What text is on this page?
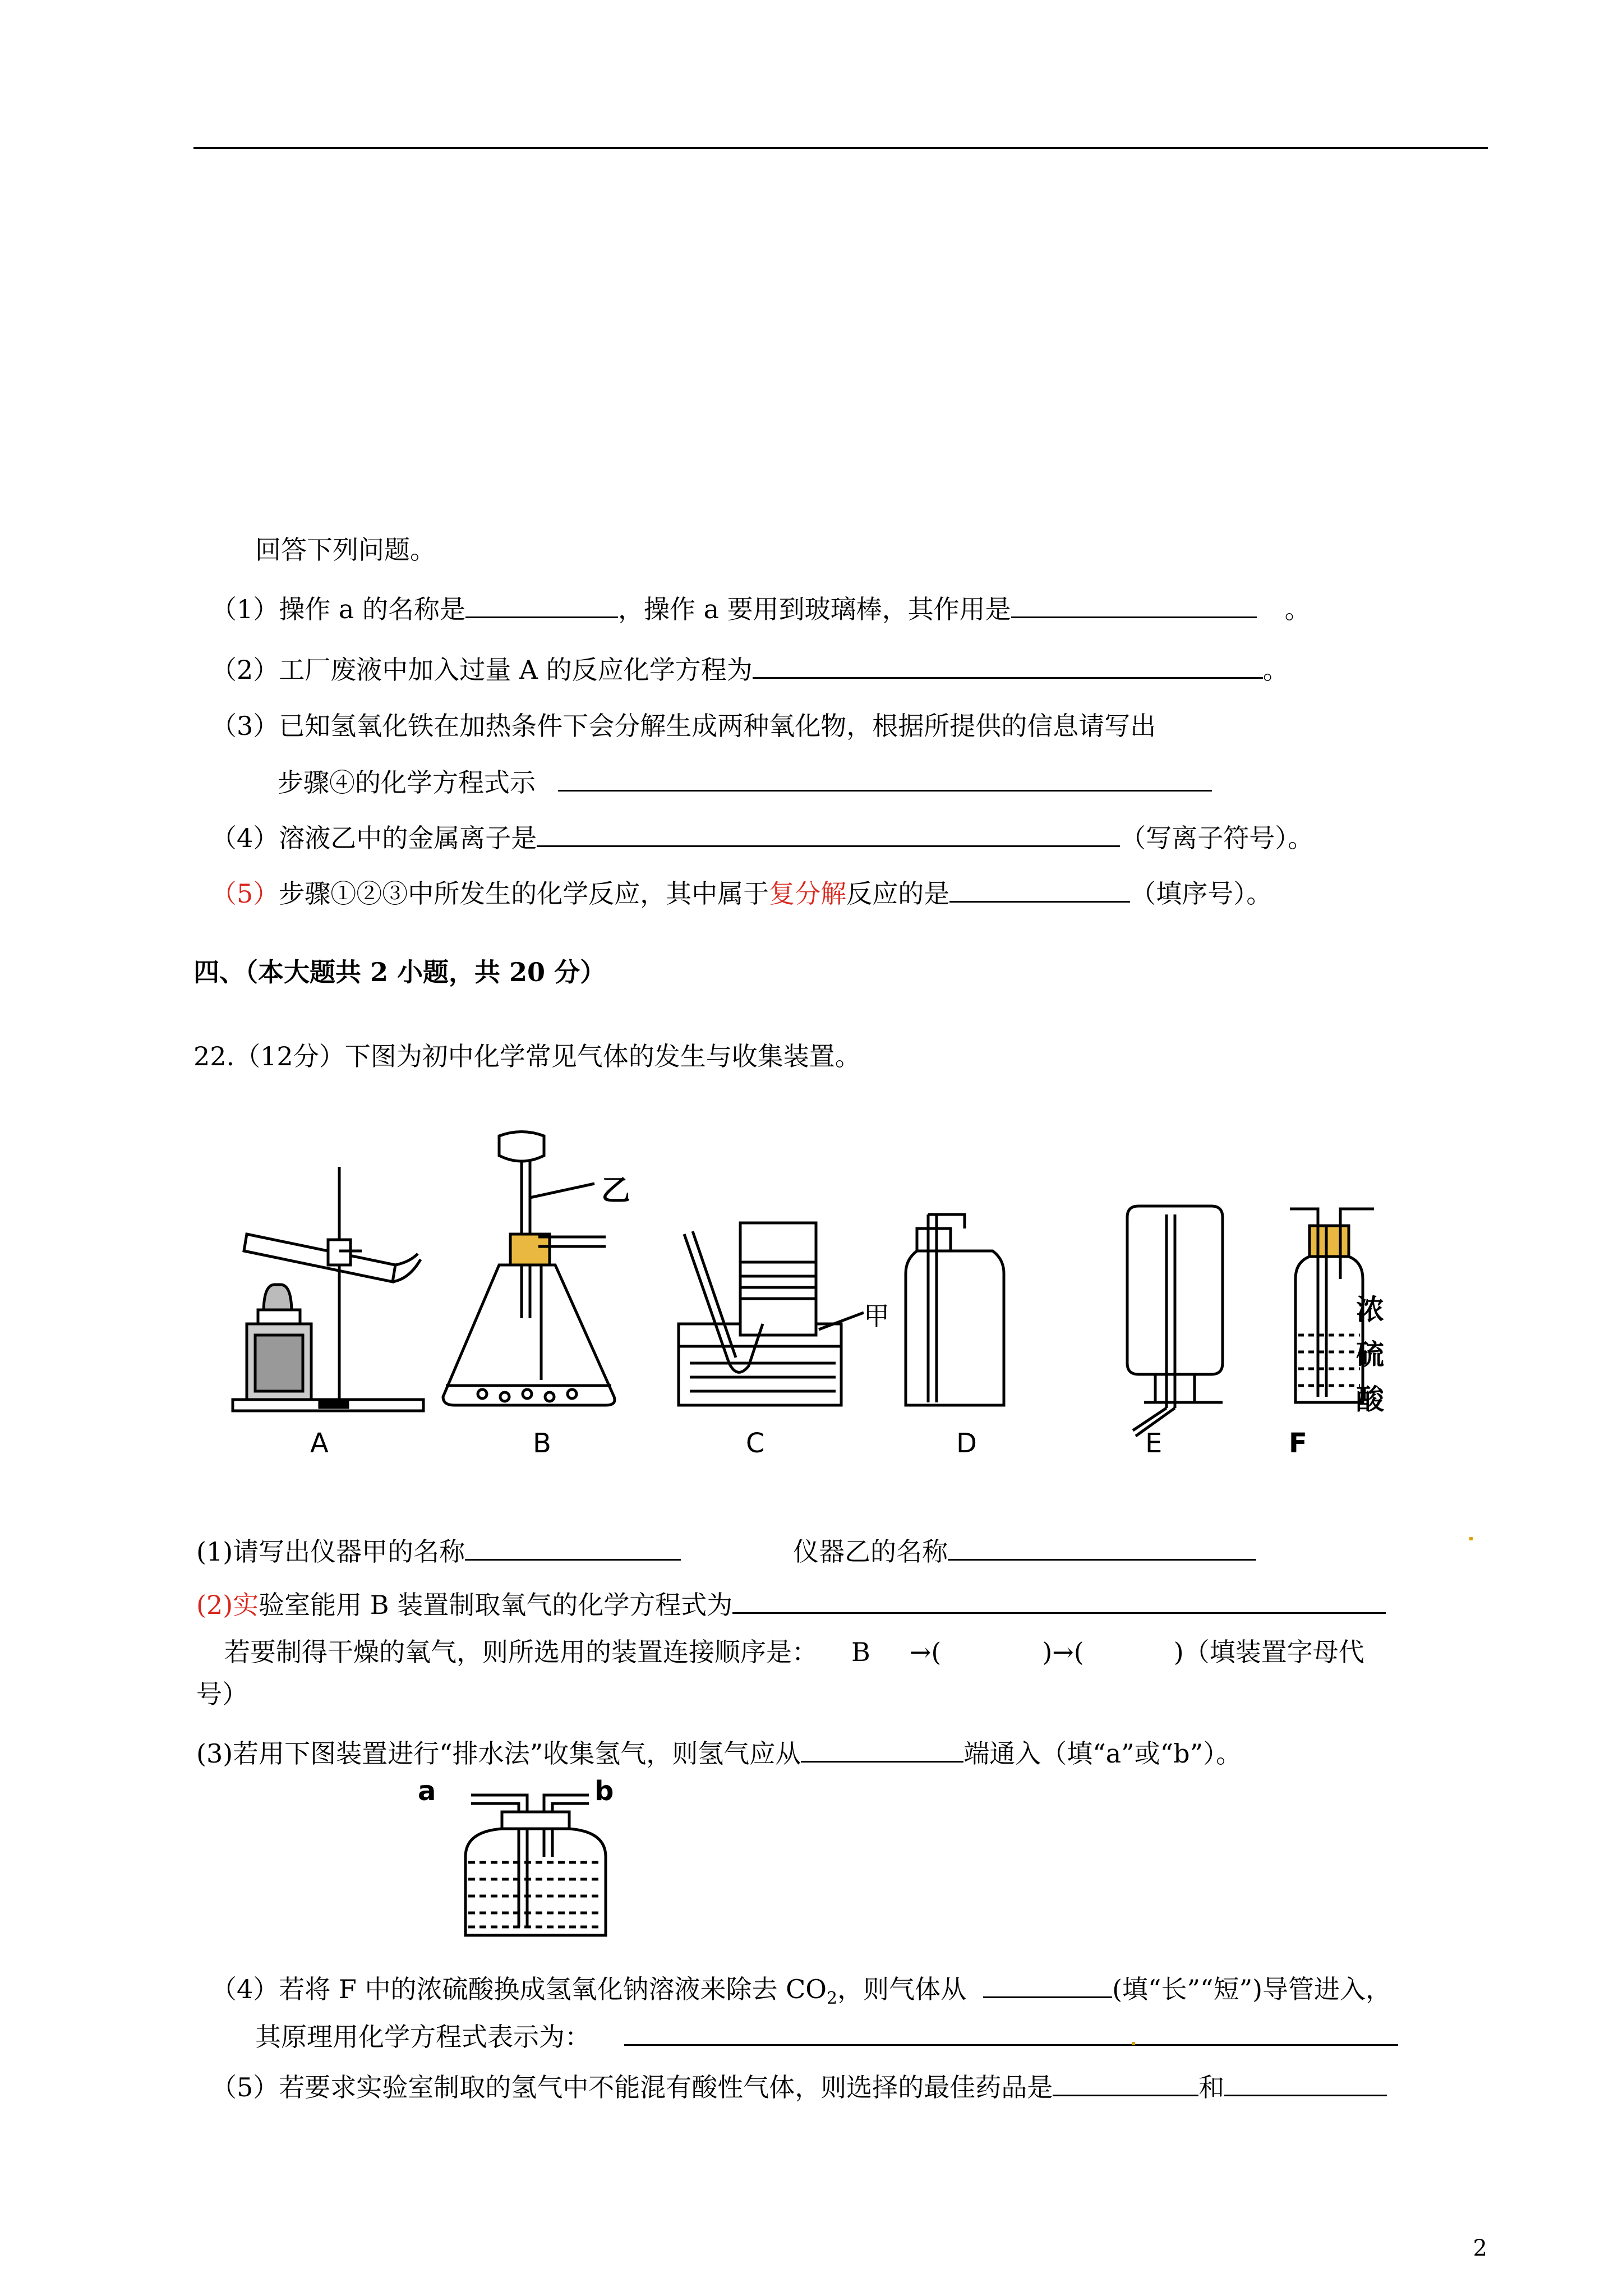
回答下列问题。
（1）操作 a 的名称是	，操作 a 要用到玻璃棒，其作用是	。
（2）工厂废液中加入过量 A 的反应化学方程为	。
（3）已知氢氧化铁在加热条件下会分解生成两种氧化物，根据所提供的信息请写出
步骤④的化学方程式示
（4）溶液乙中的金属离子是	（写离子符号）。
（5）步骤①②③中所发生的化学反应，其中属于复分解反应的是	（填序号）。
四、（本大题共 2 小题，共 20 分）
22.（12分）下图为初中化学常见气体的发生与收集装置。
A	B	C	D	E	F
乙
甲	浓
硫
酸
(1)请写出仪器甲的名称	仪器乙的名称
(2)实验室能用 B 装置制取氧气的化学方程式为
若要制得干燥的氧气，则所选用的装置连接顺序是： B →(	)→(	)（填装置字母代
号）
(3)若用下图装置进行“排水法”收集氢气，则氢气应从	端通入（填“a”或“b”）。
a	b
（4）若将 F 中的浓硫酸换成氢氧化钠溶液来除去 $CO_2$，则气体从	(填“长”“短”)导管进入，
其原理用化学方程式表示为：
（5）若要求实验室制取的氢气中不能混有酸性气体，则选择的最佳药品是	和
2
